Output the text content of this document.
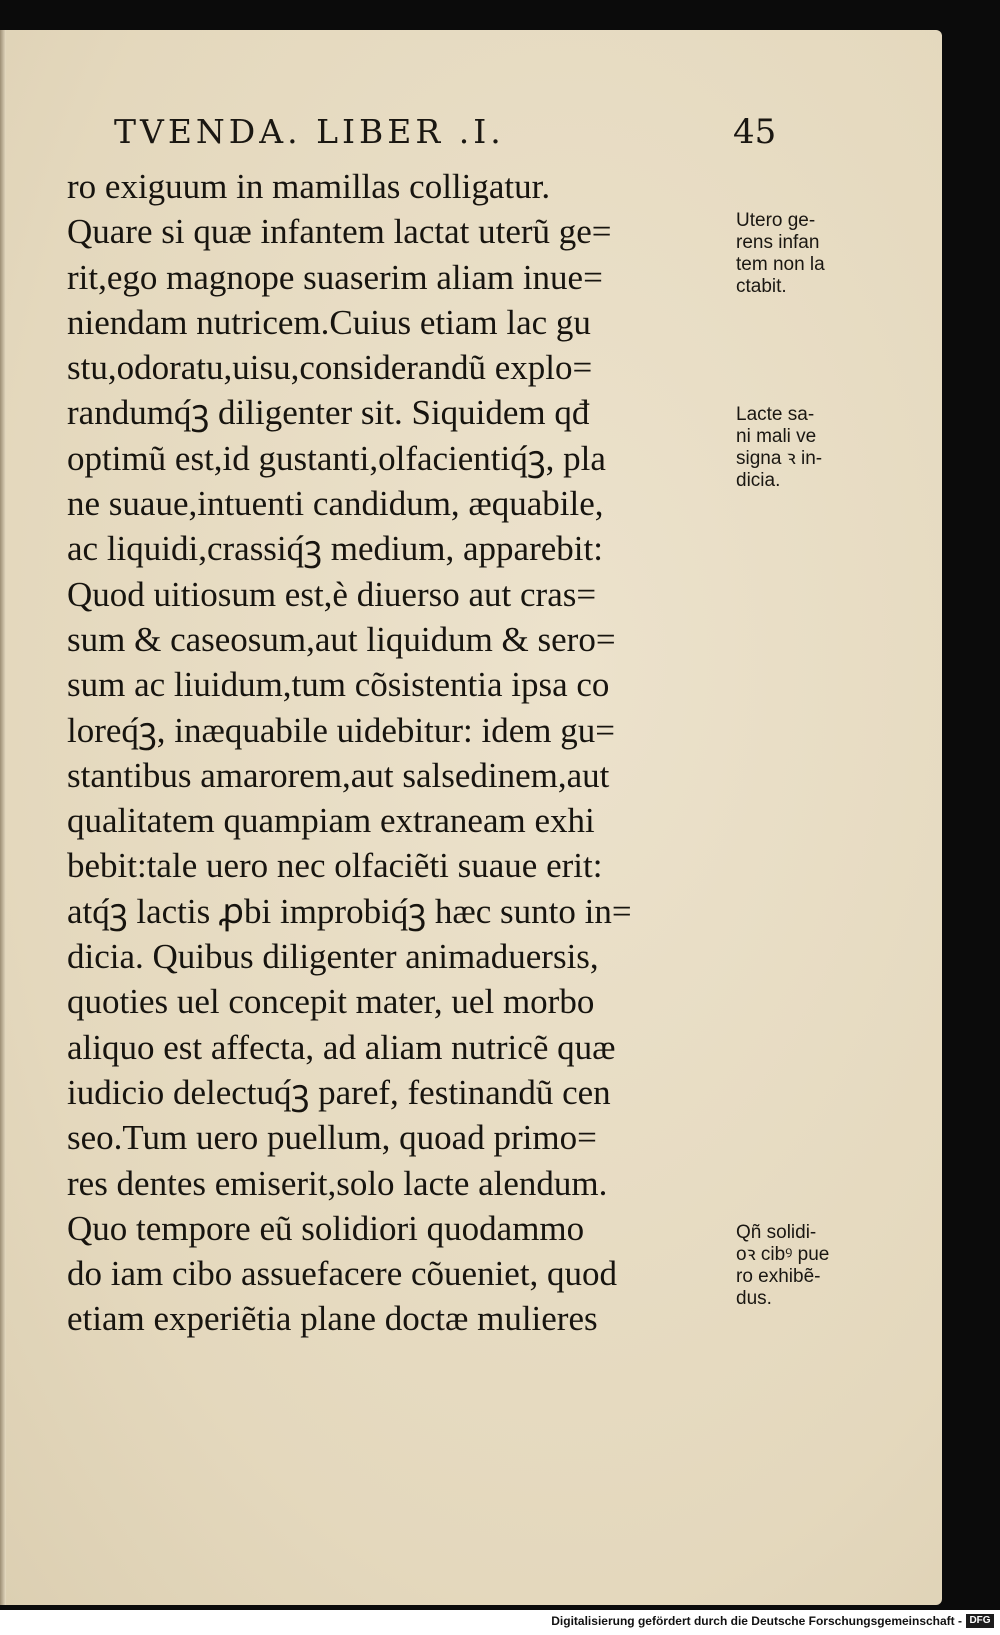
TVENDA. LIBER .I.	45
ro exiguum in mamillas colligatur.
Quare si quæ infantem lactat uterũ ge=
rit,ego magnope suaserim aliam inue=
niendam nutricem.Cuius etiam lac gu
stu,odoratu,uisu,considerandũ explo=
randumq́ꝫ diligenter sit. Siquidem qđ
optimũ est,id gustanti,olfacientiq́ꝫ, pla
ne suaue,intuenti candidum, æquabile,
ac liquidi,crassiq́ꝫ medium, apparebit:
Quod uitiosum est,è diuerso aut cras=
sum & caseosum,aut liquidum & sero=
sum ac liuidum,tum cõsistentia ipsa co
loreq́ꝫ, inæquabile uidebitur: idem gu=
stantibus amarorem,aut salsedinem,aut
qualitatem quampiam extraneam exhi
bebit:tale uero nec olfaciẽti suaue erit:
atq́ꝫ lactis ꝓbi improbiq́ꝫ hæc sunto in=
dicia. Quibus diligenter animaduersis,
quoties uel concepit mater, uel morbo
aliquo est affecta, ad aliam nutricẽ quæ
iudicio delectuq́ꝫ paref, festinandũ cen
seo.Tum uero puellum, quoad primo=
res dentes emiserit,solo lacte alendum.
Quo tempore eũ solidiori quodammo
do iam cibo assuefacere cõueniet, quod
etiam experiẽtia plane doctæ mulieres
Utero ge-
rens infan
tem non la
ctabit.
Lacte sa-
ni mali ve
signa ꝛ in-
dicia.
Qñ solidi-
oꝛ cibꝰ pue
ro exhibẽ-
dus.
Digitalisierung gefördert durch die Deutsche Forschungsgemeinschaft - DFG
